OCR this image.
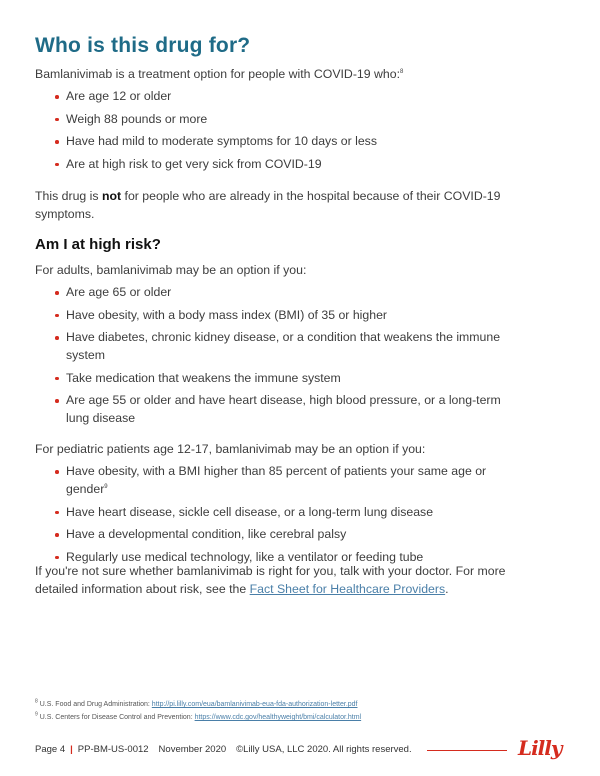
Who is this drug for?
Bamlanivimab is a treatment option for people with COVID-19 who:$^8$
Are age 12 or older
Weigh 88 pounds or more
Have had mild to moderate symptoms for 10 days or less
Are at high risk to get very sick from COVID-19
This drug is not for people who are already in the hospital because of their COVID-19 symptoms.
Am I at high risk?
For adults, bamlanivimab may be an option if you:
Are age 65 or older
Have obesity, with a body mass index (BMI) of 35 or higher
Have diabetes, chronic kidney disease, or a condition that weakens the immune system
Take medication that weakens the immune system
Are age 55 or older and have heart disease, high blood pressure, or a long-term lung disease
For pediatric patients age 12-17, bamlanivimab may be an option if you:
Have obesity, with a BMI higher than 85 percent of patients your same age or gender$^9$
Have heart disease, sickle cell disease, or a long-term lung disease
Have a developmental condition, like cerebral palsy
Regularly use medical technology, like a ventilator or feeding tube
If you're not sure whether bamlanivimab is right for you, talk with your doctor. For more detailed information about risk, see the Fact Sheet for Healthcare Providers.
$^8$ U.S. Food and Drug Administration: http://pi.lilly.com/eua/bamlanivimab-eua-fda-authorization-letter.pdf
$^9$ U.S. Centers for Disease Control and Prevention: https://www.cdc.gov/healthyweight/bmi/calculator.html
Page 4 | PP-BM-US-0012 November 2020 ©Lilly USA, LLC 2020. All rights reserved.	Lilly
